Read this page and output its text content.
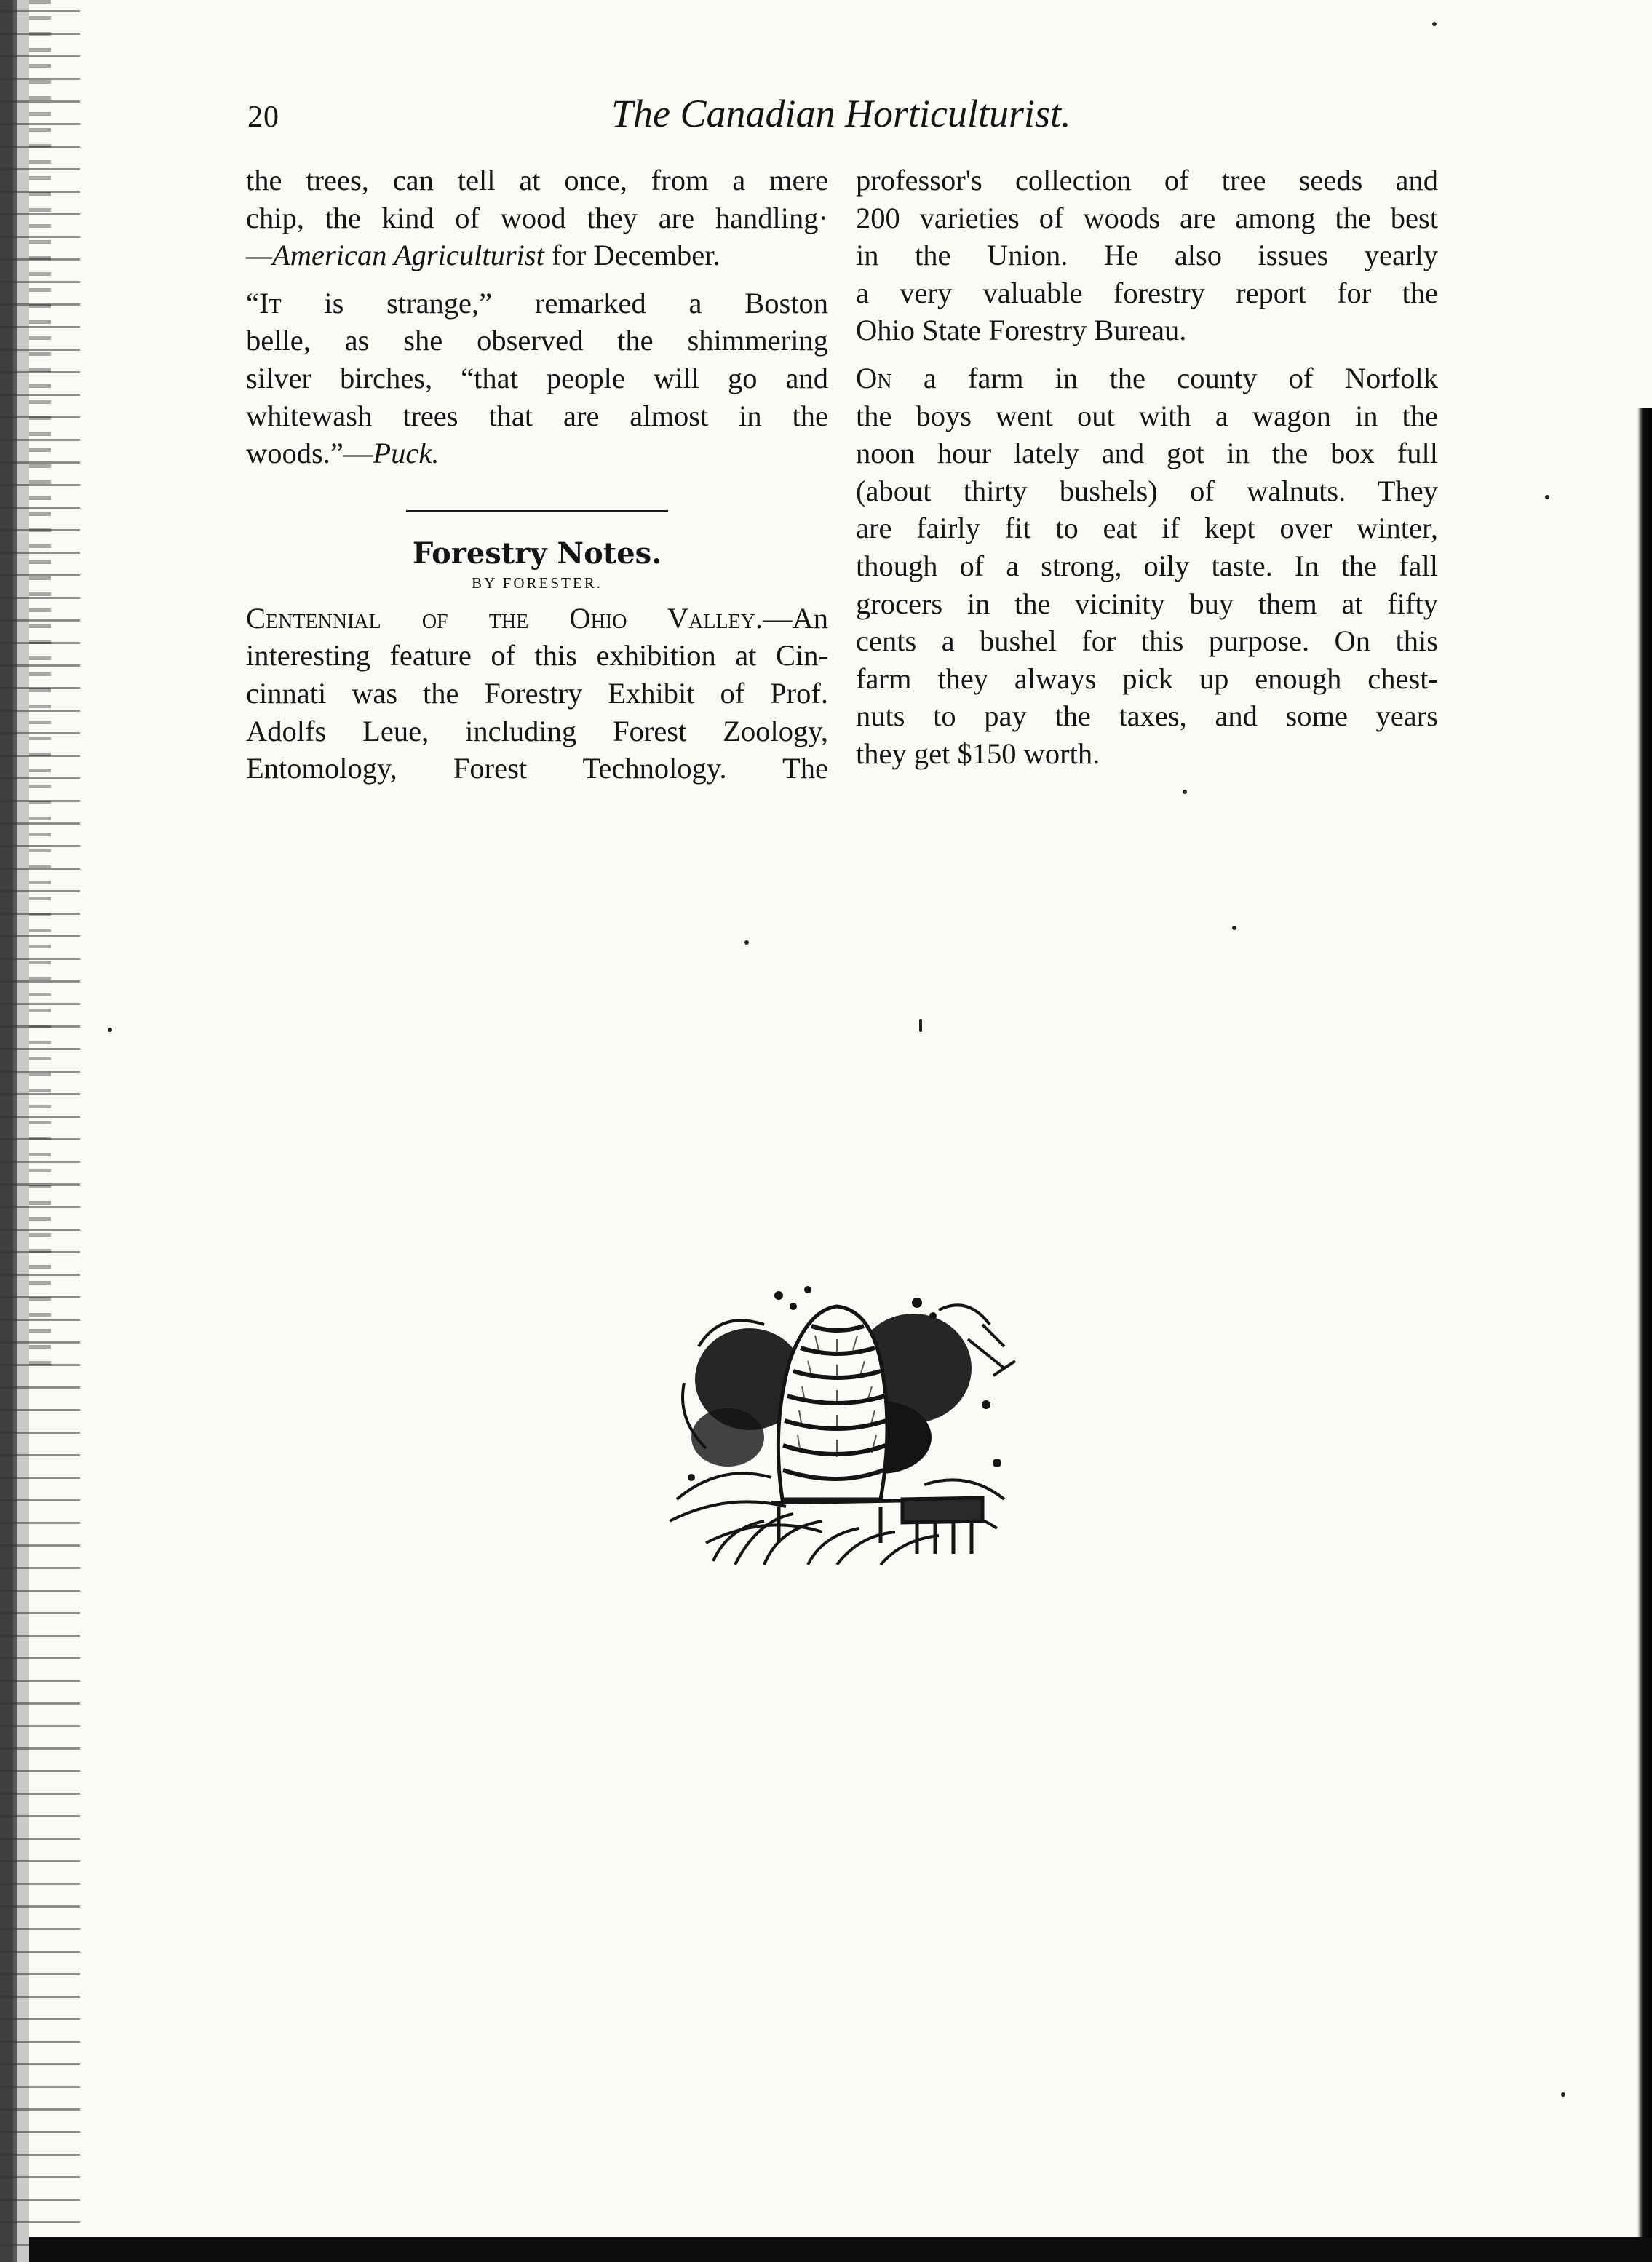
20	The Canadian Horticulturist.

the trees, can tell at once, from a mere
chip, the kind of wood they are handling·
—American Agriculturist for December.

“It is strange,” remarked a Boston
belle, as she observed the shimmering
silver birches, “that people will go and
whitewash trees that are almost in the
woods.”—Puck.

Forestry Notes.
BY FORESTER.

Centennial of the Ohio Valley.—An
interesting feature of this exhibition at Cin-
cinnati was the Forestry Exhibit of Prof.
Adolfs Leue, including Forest Zoology,
Entomology, Forest Technology. The

professor's collection of tree seeds and
200 varieties of woods are among the best
in the Union. He also issues yearly
a very valuable forestry report for the
Ohio State Forestry Bureau.

On a farm in the county of Norfolk
the boys went out with a wagon in the
noon hour lately and got in the box full
(about thirty bushels) of walnuts. They
are fairly fit to eat if kept over winter,
though of a strong, oily taste. In the fall
grocers in the vicinity buy them at fifty
cents a bushel for this purpose. On this
farm they always pick up enough chest-
nuts to pay the taxes, and some years
they get $150 worth.
